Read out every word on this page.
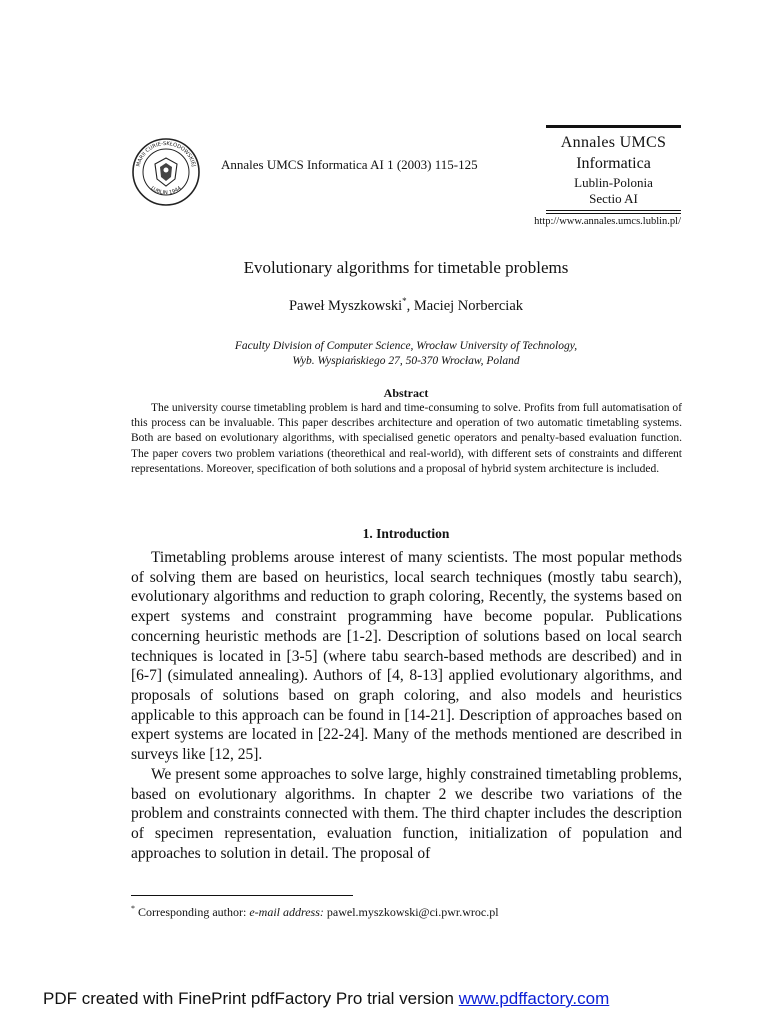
MARII CURIE-SKŁODOWSKIEJ
LUBLIN 1944
Annales UMCS Informatica AI 1 (2003) 115-125
Annales UMCS
Informatica
Lublin-Polonia
Sectio AI
http://www.annales.umcs.lublin.pl/
Evolutionary algorithms for timetable problems
Paweł Myszkowski*, Maciej Norberciak
Faculty Division of Computer Science, Wrocław University of Technology,
Wyb. Wyspiańskiego 27, 50-370 Wrocław, Poland
Abstract

The university course timetabling problem is hard and time-consuming to solve. Profits from full automatisation of this process can be invaluable. This paper describes architecture and operation of two automatic timetabling systems. Both are based on evolutionary algorithms, with specialised genetic operators and penalty-based evaluation function. The paper covers two problem variations (theorethical and real-world), with different sets of constraints and different representations. Moreover, specification of both solutions and a proposal of hybrid system architecture is included.

1. Introduction

Timetabling problems arouse interest of many scientists. The most popular methods of solving them are based on heuristics, local search techniques (mostly tabu search), evolutionary algorithms and reduction to graph coloring, Recently, the systems based on expert systems and constraint programming have become popular. Publications concerning heuristic methods are [1-2]. Description of solutions based on local search techniques is located in [3-5] (where tabu search-based methods are described) and in [6-7] (simulated annealing). Authors of [4, 8-13] applied evolutionary algorithms, and proposals of solutions based on graph coloring, and also models and heuristics applicable to this approach can be found in [14-21]. Description of approaches based on expert systems are located in [22-24]. Many of the methods mentioned are described in surveys like [12, 25].

We present some approaches to solve large, highly constrained timetabling problems, based on evolutionary algorithms. In chapter 2 we describe two variations of the problem and constraints connected with them. The third chapter includes the description of specimen representation, evaluation function, initialization of population and approaches to solution in detail. The proposal of

* Corresponding author: e-mail address: pawel.myszkowski@ci.pwr.wroc.pl
PDF created with FinePrint pdfFactory Pro trial version www.pdffactory.com
